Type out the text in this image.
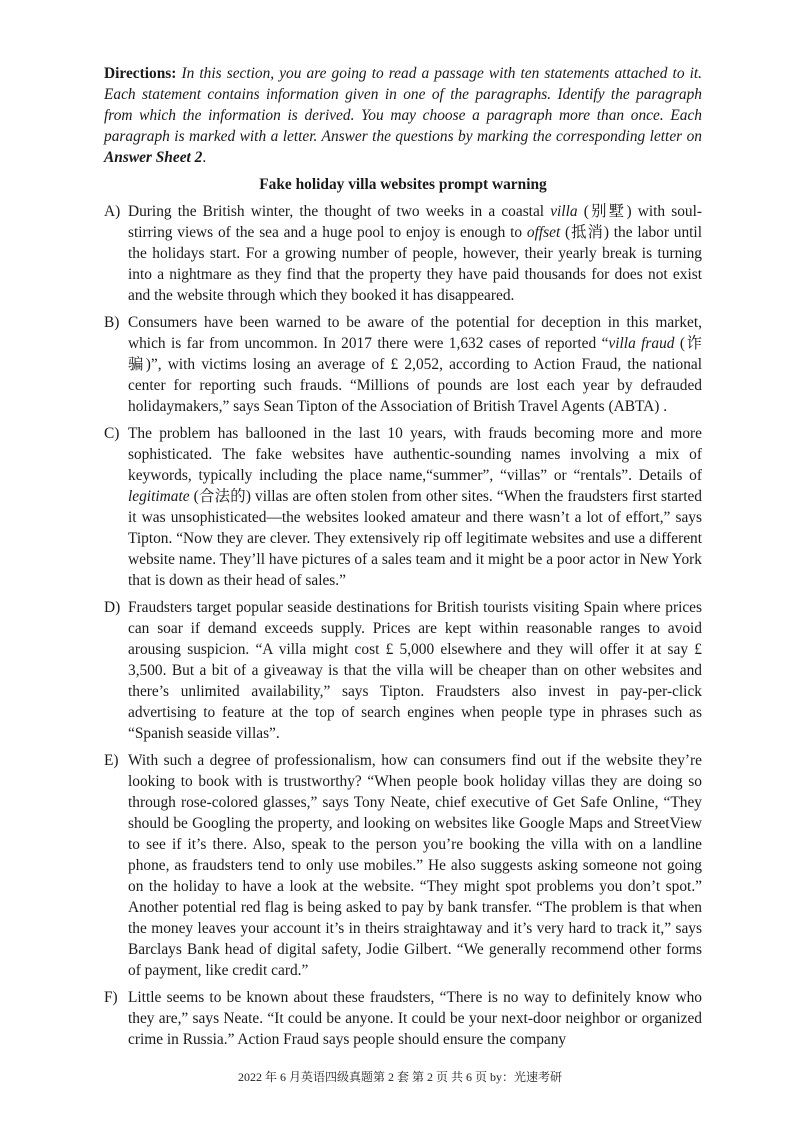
Directions: In this section, you are going to read a passage with ten statements attached to it. Each statement contains information given in one of the paragraphs. Identify the paragraph from which the information is derived. You may choose a paragraph more than once. Each paragraph is marked with a letter. Answer the questions by marking the corresponding letter on Answer Sheet 2.

Fake holiday villa websites prompt warning
A) During the British winter, the thought of two weeks in a coastal villa (别墅) with soul-stirring views of the sea and a huge pool to enjoy is enough to offset (抵消) the labor until the holidays start. For a growing number of people, however, their yearly break is turning into a nightmare as they find that the property they have paid thousands for does not exist and the website through which they booked it has disappeared.
B) Consumers have been warned to be aware of the potential for deception in this market, which is far from uncommon. In 2017 there were 1,632 cases of reported “villa fraud (诈骗)”, with victims losing an average of £ 2,052, according to Action Fraud, the national center for reporting such frauds. “Millions of pounds are lost each year by defrauded holidaymakers,” says Sean Tipton of the Association of British Travel Agents (ABTA) .
C) The problem has ballooned in the last 10 years, with frauds becoming more and more sophisticated. The fake websites have authentic-sounding names involving a mix of keywords, typically including the place name,“summer”, “villas” or “rentals”. Details of legitimate (合法的) villas are often stolen from other sites. “When the fraudsters first started it was unsophisticated—the websites looked amateur and there wasn’t a lot of effort,” says Tipton. “Now they are clever. They extensively rip off legitimate websites and use a different website name. They’ll have pictures of a sales team and it might be a poor actor in New York that is down as their head of sales.”
D) Fraudsters target popular seaside destinations for British tourists visiting Spain where prices can soar if demand exceeds supply. Prices are kept within reasonable ranges to avoid arousing suspicion. “A villa might cost £ 5,000 elsewhere and they will offer it at say £ 3,500. But a bit of a giveaway is that the villa will be cheaper than on other websites and there’s unlimited availability,” says Tipton. Fraudsters also invest in pay-per-click advertising to feature at the top of search engines when people type in phrases such as “Spanish seaside villas”.
E) With such a degree of professionalism, how can consumers find out if the website they’re looking to book with is trustworthy? “When people book holiday villas they are doing so through rose-colored glasses,” says Tony Neate, chief executive of Get Safe Online, “They should be Googling the property, and looking on websites like Google Maps and StreetView to see if it’s there. Also, speak to the person you’re booking the villa with on a landline phone, as fraudsters tend to only use mobiles.” He also suggests asking someone not going on the holiday to have a look at the website. “They might spot problems you don’t spot.” Another potential red flag is being asked to pay by bank transfer. “The problem is that when the money leaves your account it’s in theirs straightaway and it’s very hard to track it,” says Barclays Bank head of digital safety, Jodie Gilbert. “We generally recommend other forms of payment, like credit card.”
F) Little seems to be known about these fraudsters, “There is no way to definitely know who they are,” says Neate. “It could be anyone. It could be your next-door neighbor or organized crime in Russia.” Action Fraud says people should ensure the company
2022 年 6 月英语四级真题第 2 套 第 2 页 共 6 页 by：光速考研
